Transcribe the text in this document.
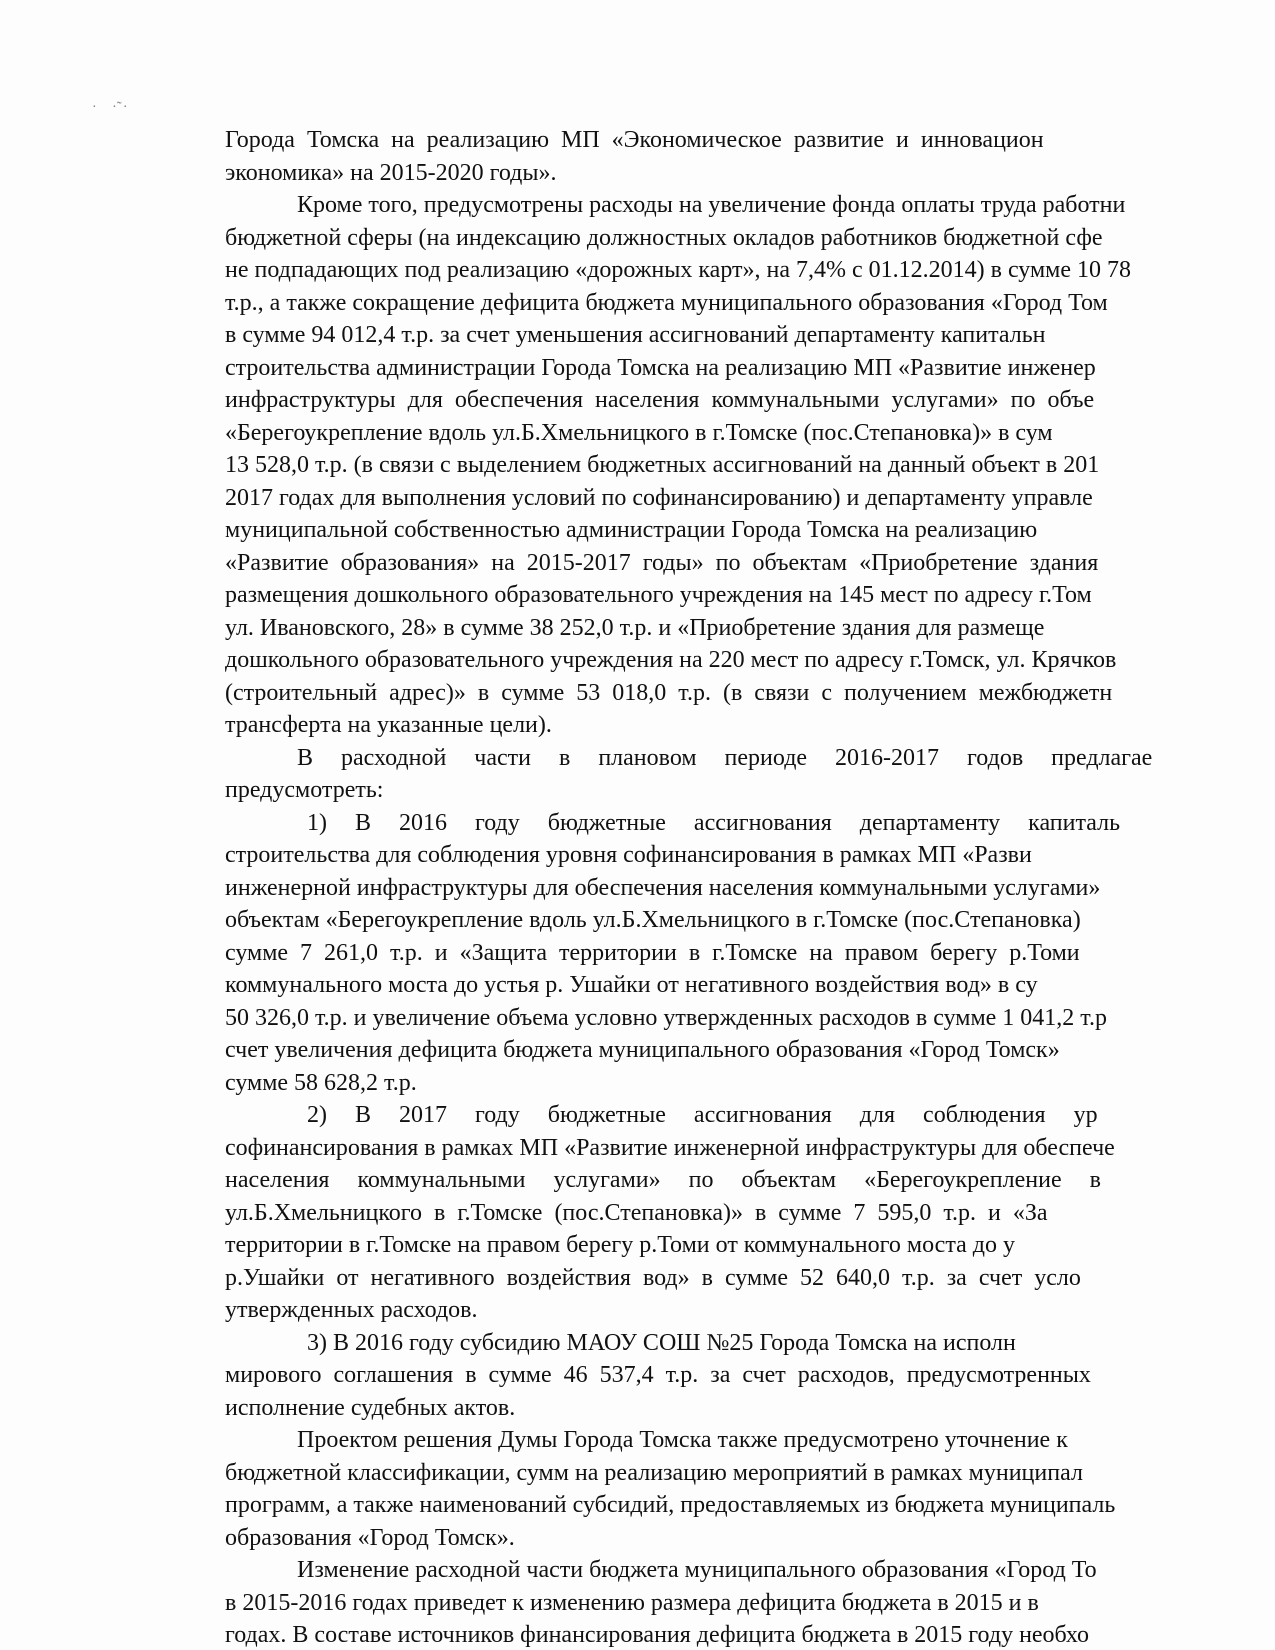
· ·̃·
Города Томска на реализацию МП «Экономическое развитие и инновацион
экономика» на 2015-2020 годы».
Кроме того, предусмотрены расходы на увеличение фонда оплаты труда работни
бюджетной сферы (на индексацию должностных окладов работников бюджетной сфе
не подпадающих под реализацию «дорожных карт», на 7,4% с 01.12.2014) в сумме 10 78
т.р., а также сокращение дефицита бюджета муниципального образования «Город Том
в сумме 94 012,4 т.р. за счет уменьшения ассигнований департаменту капитальн
строительства администрации Города Томска на реализацию МП «Развитие инженер
инфраструктуры для обеспечения населения коммунальными услугами» по объе
«Берегоукрепление вдоль ул.Б.Хмельницкого в г.Томске (пос.Степановка)» в сум
13 528,0 т.р. (в связи с выделением бюджетных ассигнований на данный объект в 201
2017 годах для выполнения условий по софинансированию) и департаменту управле
муниципальной собственностью администрации Города Томска на реализацию
«Развитие образования» на 2015-2017 годы» по объектам «Приобретение здания
размещения дошкольного образовательного учреждения на 145 мест по адресу г.Том
ул. Ивановского, 28» в сумме 38 252,0 т.р. и «Приобретение здания для размеще
дошкольного образовательного учреждения на 220 мест по адресу г.Томск, ул. Крячков
(строительный адрес)» в сумме 53 018,0 т.р. (в связи с получением межбюджетн
трансферта на указанные цели).
В расходной части в плановом периоде 2016-2017 годов предлагае
предусмотреть:
1) В 2016 году бюджетные ассигнования департаменту капиталь
строительства для соблюдения уровня софинансирования в рамках МП «Разви
инженерной инфраструктуры для обеспечения населения коммунальными услугами»
объектам «Берегоукрепление вдоль ул.Б.Хмельницкого в г.Томске (пос.Степановка)
сумме 7 261,0 т.р. и «Защита территории в г.Томске на правом берегу р.Томи
коммунального моста до устья р. Ушайки от негативного воздействия вод» в су
50 326,0 т.р. и увеличение объема условно утвержденных расходов в сумме 1 041,2 т.р
счет увеличения дефицита бюджета муниципального образования «Город Томск»
сумме 58 628,2 т.р.
2) В 2017 году бюджетные ассигнования для соблюдения ур
софинансирования в рамках МП «Развитие инженерной инфраструктуры для обеспече
населения коммунальными услугами» по объектам «Берегоукрепление в
ул.Б.Хмельницкого в г.Томске (пос.Степановка)» в сумме 7 595,0 т.р. и «За
территории в г.Томске на правом берегу р.Томи от коммунального моста до у
р.Ушайки от негативного воздействия вод» в сумме 52 640,0 т.р. за счет усло
утвержденных расходов.
3) В 2016 году субсидию МАОУ СОШ №25 Города Томска на исполн
мирового соглашения в сумме 46 537,4 т.р. за счет расходов, предусмотренных
исполнение судебных актов.
Проектом решения Думы Города Томска также предусмотрено уточнение к
бюджетной классификации, сумм на реализацию мероприятий в рамках муниципал
программ, а также наименований субсидий, предоставляемых из бюджета муниципаль
образования «Город Томск».
Изменение расходной части бюджета муниципального образования «Город То
в 2015-2016 годах приведет к изменению размера дефицита бюджета в 2015 и в
годах. В составе источников финансирования дефицита бюджета в 2015 году необхо
